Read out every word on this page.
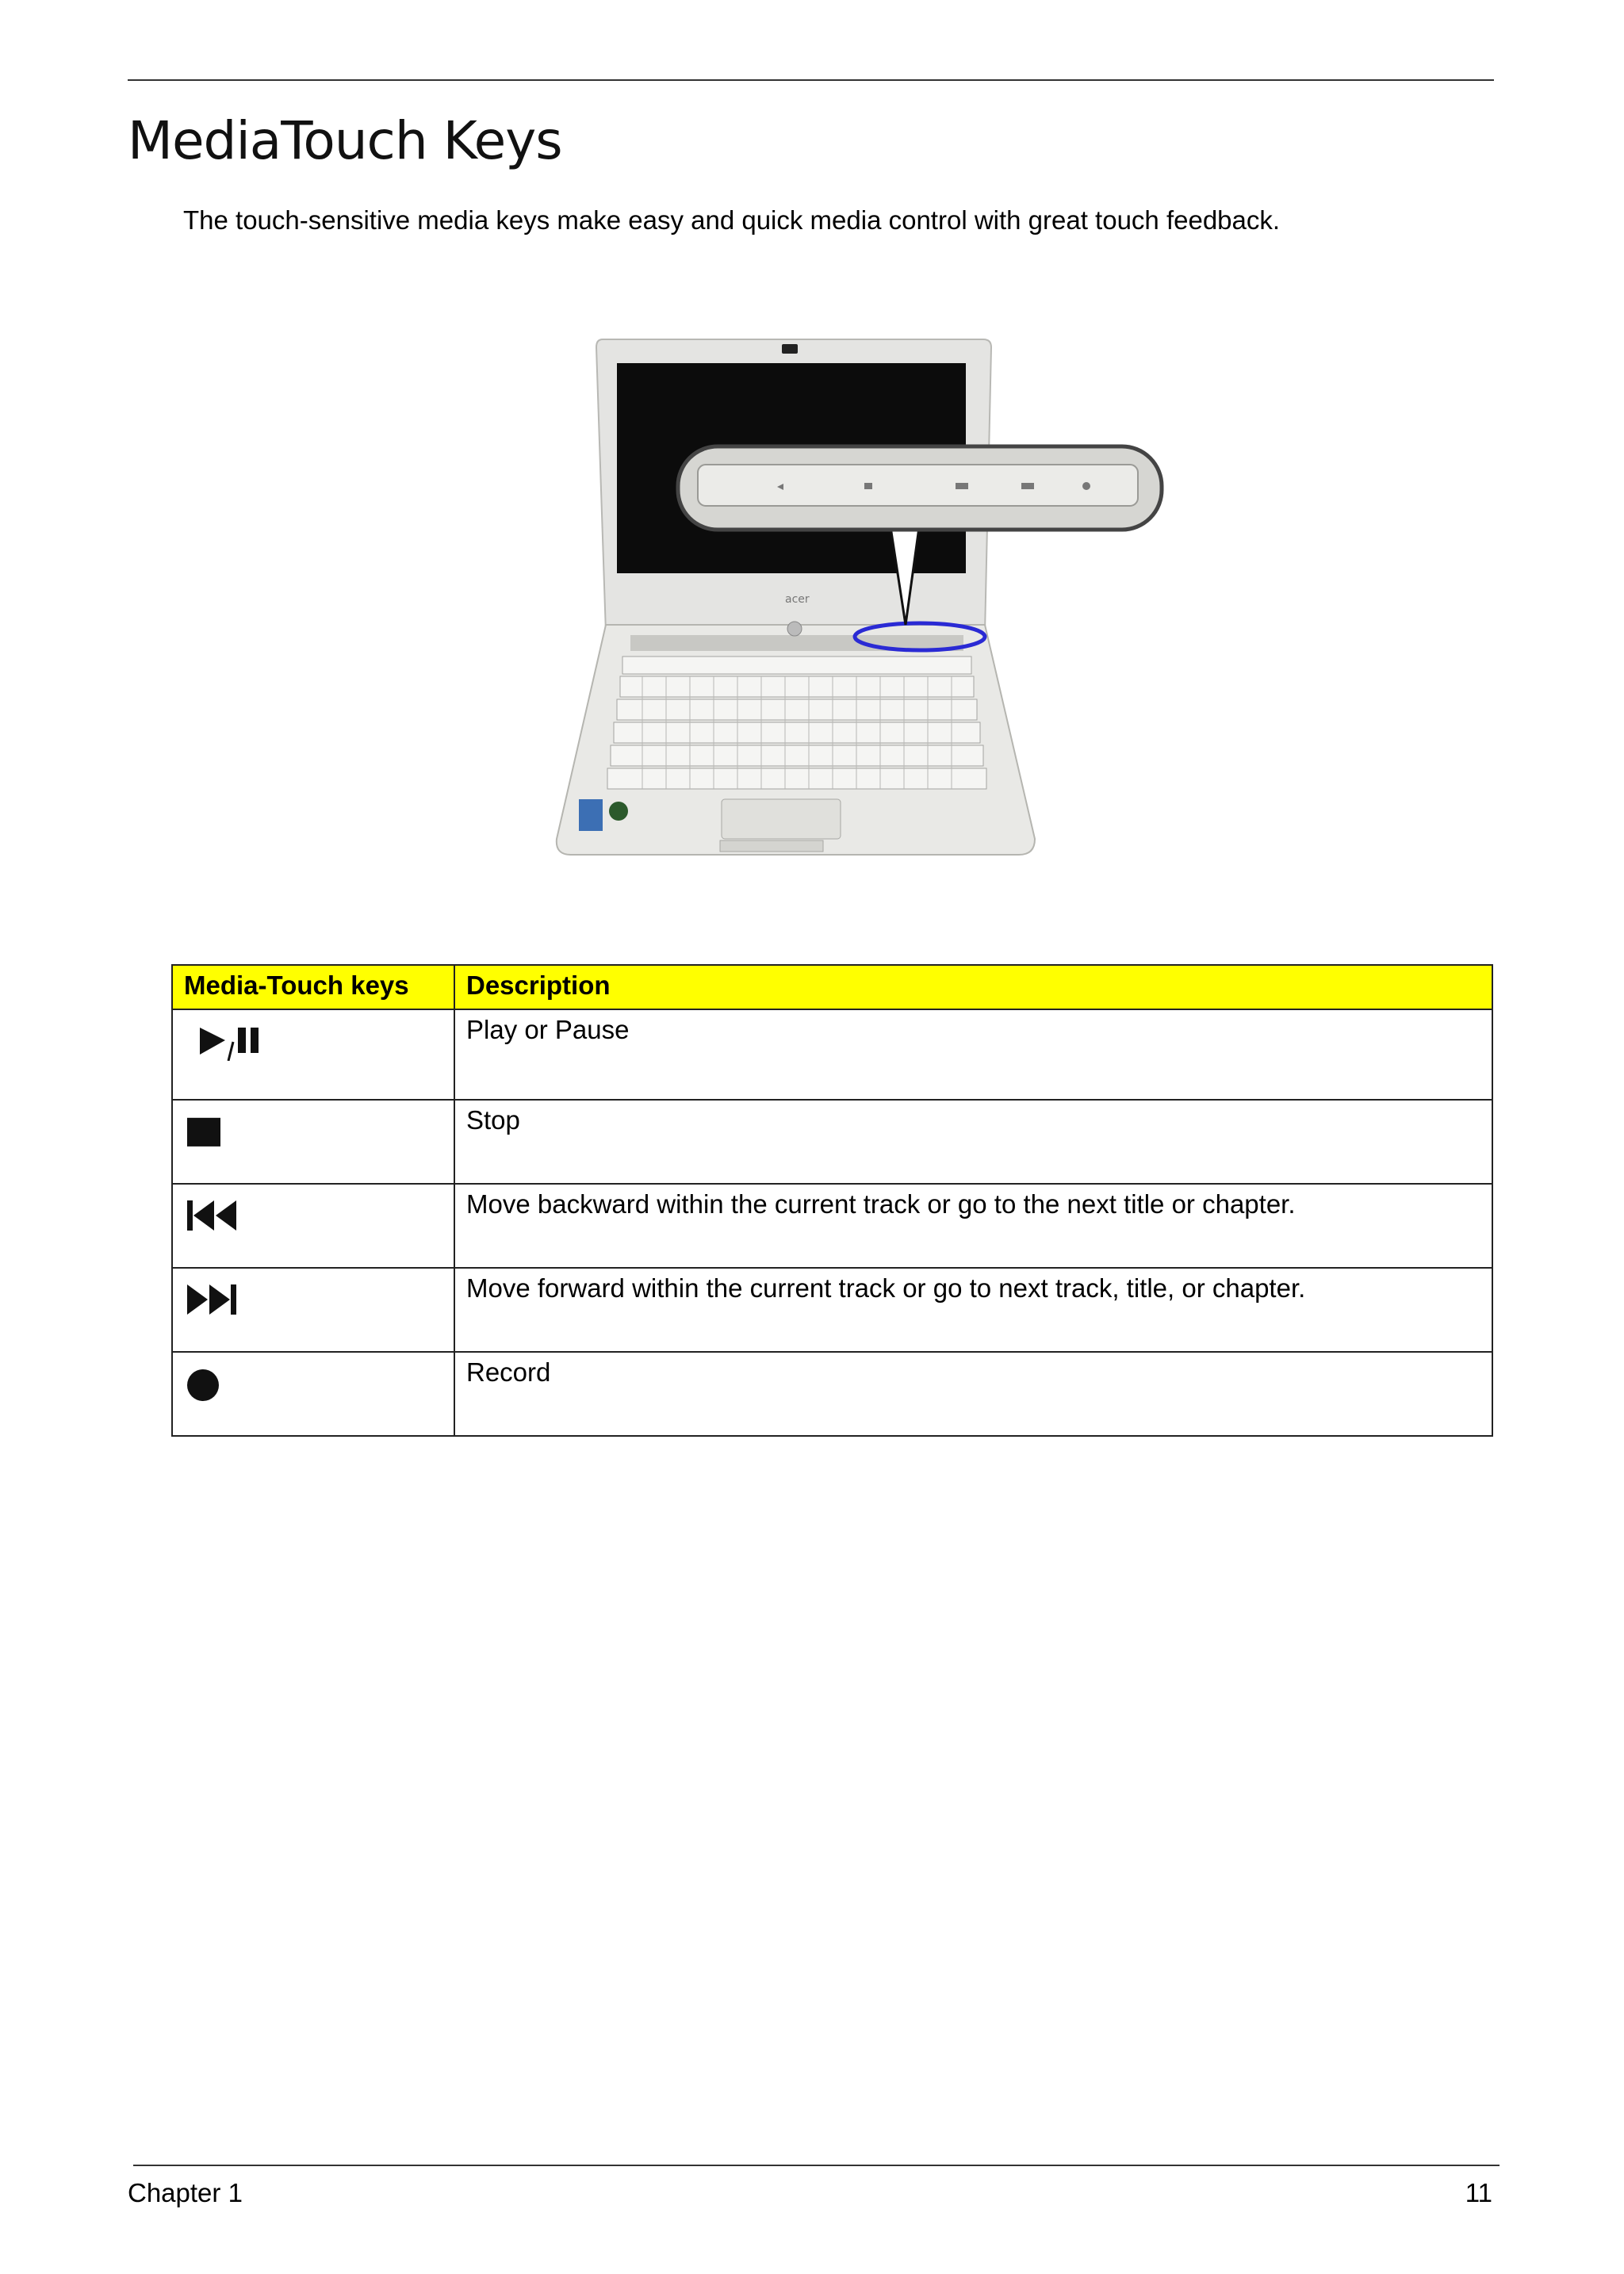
MediaTouch Keys
The touch-sensitive media keys make easy and quick media control with great touch feedback.
acer
Media-Touch keys	Description

	Play or Pause

	Stop

	Move backward within the current track or go to the next title or chapter.

	Move forward within the current track or go to next track, title, or chapter.

	Record
Chapter 1	11
